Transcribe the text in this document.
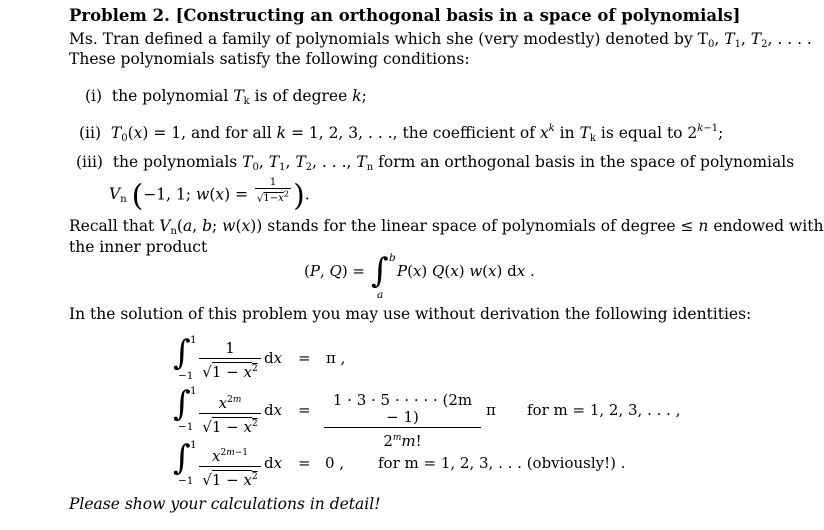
Problem 2. [Constructing an orthogonal basis in a space of polynomials]
Ms. Tran defined a family of polynomials which she (very modestly) denoted by $T_0$, $T_1$, $T_2$, . . . .
These polynomials satisfy the following conditions:
(i) the polynomial $T_k$ is of degree k;
(ii) $T_0(x) = 1$, and for all k = 1, 2, 3, . . ., the coefficient of $x^k$ in $T_k$ is equal to $2^{k-1}$;
(iii) the polynomials $T_0$, $T_1$, $T_2$, . . ., $T_n$ form an orthogonal basis in the space of polynomials
$V_n$ (−1, 1; $w(x) = \frac{1}{√1-x^2}$ ).
Recall that $V_n(a$, b; w(x)) stands for the linear space of polynomials of degree ≤ n endowed with
the inner product
(P, Q) = ∫ b
a
P(x) Q(x) w(x) dx .
In the solution of this problem you may use without derivation the following identities:
∫ 1
−1
1
$√1 - x^2$
dx = π ,
∫ 1
−1
$x^{2m}$
$√1 - x^2$
dx =
1 · 3 · 5 · · · · · (2m − 1)
2$^m$m!
π for m = 1, 2, 3, . . . ,
∫ 1
−1
$x^{2m-1}$
$√1 - x^2$
dx = 0 , for m = 1, 2, 3, . . . (obviously!) .
Please show your calculations in detail!
